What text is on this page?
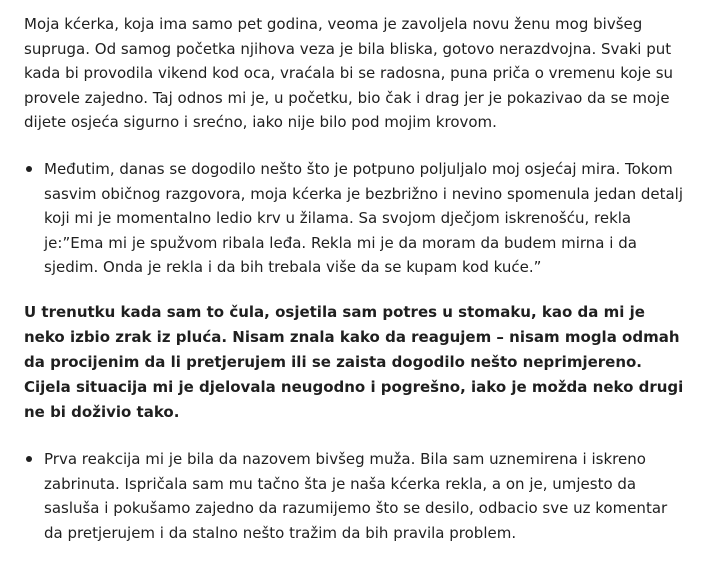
Moja kćerka, koja ima samo pet godina, veoma je zavoljela novu ženu mog bivšeg supruga. Od samog početka njihova veza je bila bliska, gotovo nerazdvojna. Svaki put kada bi provodila vikend kod oca, vraćala bi se radosna, puna priča o vremenu koje su provele zajedno. Taj odnos mi je, u početku, bio čak i drag jer je pokazivao da se moje dijete osjeća sigurno i srećno, iako nije bilo pod mojim krovom.

Međutim, danas se dogodilo nešto što je potpuno poljuljalo moj osjećaj mira. Tokom sasvim običnog razgovora, moja kćerka je bezbrižno i nevino spomenula jedan detalj koji mi je momentalno ledio krv u žilama. Sa svojom dječjom iskrenošću, rekla je:”Ema mi je spužvom ribala leđa. Rekla mi je da moram da budem mirna i da sjedim. Onda je rekla i da bih trebala više da se kupam kod kuće.”

U trenutku kada sam to čula, osjetila sam potres u stomaku, kao da mi je neko izbio zrak iz pluća. Nisam znala kako da reagujem – nisam mogla odmah da procijenim da li pretjerujem ili se zaista dogodilo nešto neprimjereno. Cijela situacija mi je djelovala neugodno i pogrešno, iako je možda neko drugi ne bi doživio tako.

Prva reakcija mi je bila da nazovem bivšeg muža. Bila sam uznemirena i iskreno zabrinuta. Ispričala sam mu tačno šta je naša kćerka rekla, a on je, umjesto da sasluša i pokušamo zajedno da razumijemo što se desilo, odbacio sve uz komentar da pretjerujem i da stalno nešto tražim da bih pravila problem.
